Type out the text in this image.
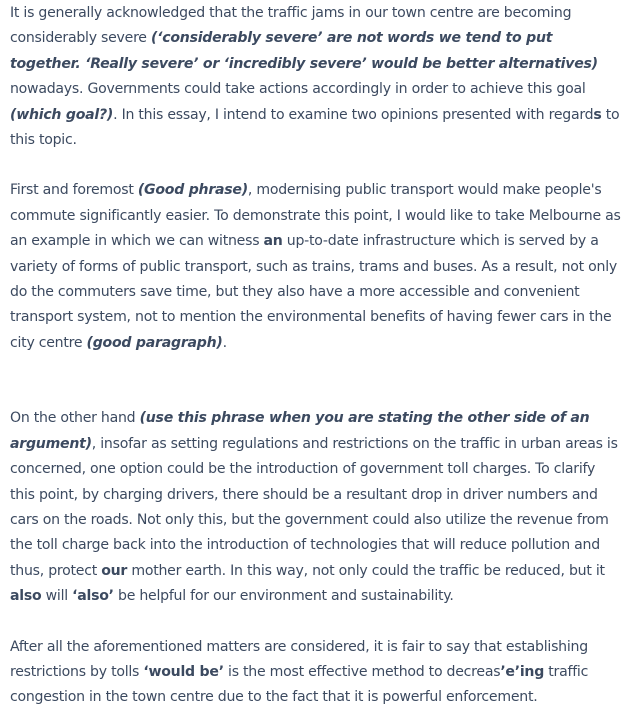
It is generally acknowledged that the traffic jams in our town centre are becoming considerably severe (‘considerably severe’ are not words we tend to put together. ‘Really severe’ or ‘incredibly severe’ would be better alternatives) nowadays. Governments could take actions accordingly in order to achieve this goal (which goal?). In this essay, I intend to examine two opinions presented with regards to this topic.

First and foremost (Good phrase), modernising public transport would make people's commute significantly easier. To demonstrate this point, I would like to take Melbourne as an example in which we can witness an up-to-date infrastructure which is served by a variety of forms of public transport, such as trains, trams and buses. As a result, not only do the commuters save time, but they also have a more accessible and convenient transport system, not to mention the environmental benefits of having fewer cars in the city centre (good paragraph).

On the other hand (use this phrase when you are stating the other side of an argument), insofar as setting regulations and restrictions on the traffic in urban areas is concerned, one option could be the introduction of government toll charges. To clarify this point, by charging drivers, there should be a resultant drop in driver numbers and cars on the roads. Not only this, but the government could also utilize the revenue from the toll charge back into the introduction of technologies that will reduce pollution and thus, protect our mother earth. In this way, not only could the traffic be reduced, but it also will ‘also’ be helpful for our environment and sustainability.

After all the aforementioned matters are considered, it is fair to say that establishing restrictions by tolls ‘would be’ is the most effective method to decreas’e’ing traffic congestion in the town centre due to the fact that it is powerful enforcement.
